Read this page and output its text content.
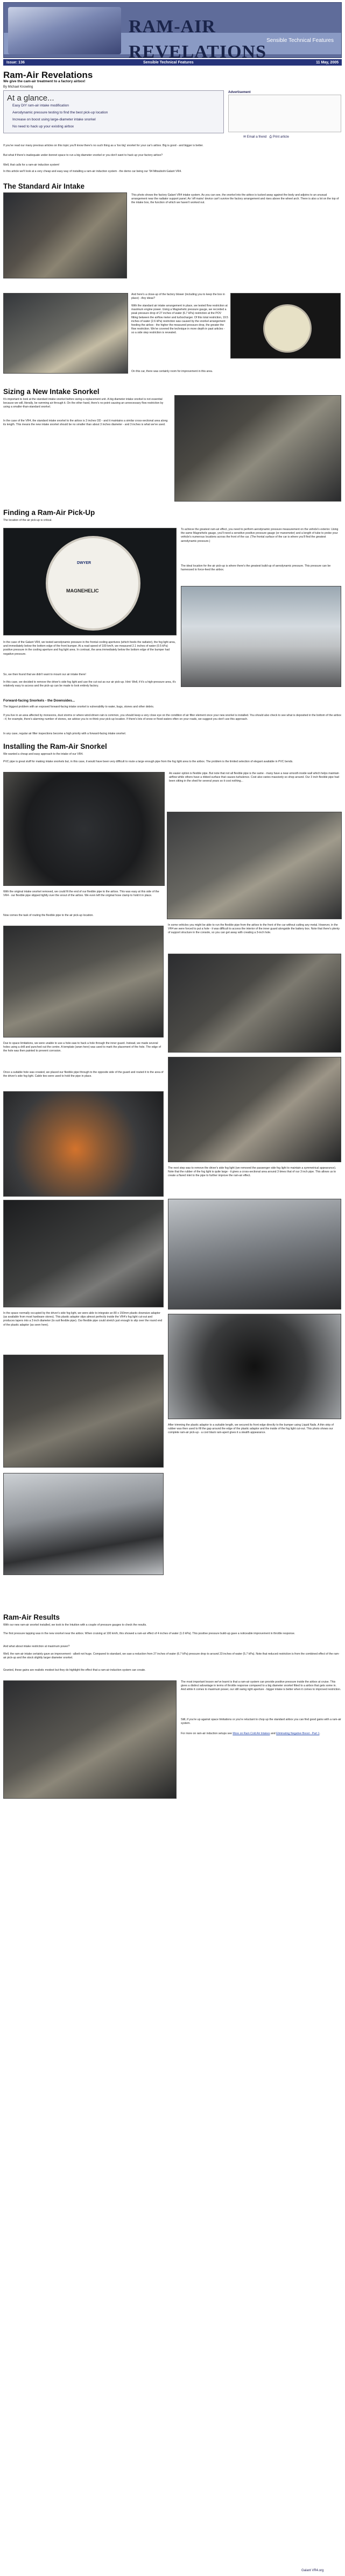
RAM-AIR REVELATIONS
Sensible Technical Features
Issue: 136	Sensible Technical Features	11 May, 2005
Ram-Air Revelations
We give the cam-air treatment to a factory airbox!
By Michael Knowling
At a glance...
Easy DIY ram-air intake modification
Aerodynamic pressure testing to find the best pick-up location
Increase on boost using large-diameter intake snorkel
No need to hack up your existing airbox
Advertisement
✉ Email a friend ⎙ Print article

If you've read our many previous articles on this topic you'll know there's no such thing as a 'too big' snorkel for your car's airbox. Big is good - and bigger is better.

But what if there's inadequate under-bonnet space to run a big diameter snorkel or you don't want to hack up your factory airbox?

Well, that calls for a ram-air induction system!

In this article we'll look at a very cheap and easy way of installing a ram-air induction system - the demo car being our '94 Mitsubishi Galant VR4.

The Standard Air Intake

This photo shows the factory Galant VR4 intake system. As you can see, the snorkel into the airbox is tucked away against the body and adjoins to an unusual arrangement near the radiator support panel. An 'off mains' device can't survive the factory arrangement and rises above the wheel arch. There is also a lot on the top of the intake box, the function of which we haven't worked out.

And here's a close-up of the factory blower (including you to keep the box in place) - Any ideas?

With the standard air intake arrangement in place, we tested flow restriction at maximum engine power. Using a Magnehelic pressure gauge, we recorded a peak pressure drop of 27 inches of water (6.7 kPa) restriction at the POV fitting between the airflow meter and turbocharger. Of this total restriction, 19.5 inches of water (2.6 kPa) restriction was caused by the snorkel arrangement feeding the airbox - the higher the measured pressure drop, the greater the flow restriction. We've covered the technique in more depth in past articles - so a side step restriction is revealed.

On this car, there was certainly room for improvement in this area.

Sizing a New Intake Snorkel

It's important to look at the standard intake snorkel before sizing a replacement unit. A big diameter intake snorkel is not essential because we will, literally, be ramming air through it. On the other hand, there's no point causing an unnecessary flow restriction by using a smaller-than-standard snorkel.

In the case of the VR4, the standard intake snorkel to the airbox is 3 inches OD - and it maintains a similar cross-sectional area along its length. This means the new intake snorkel should be no smaller than about 3 inches diameter - and 3 inches is what we've used.

Finding a Ram-Air Pick-Up

The location of the air pick-up is critical.

DWYER
MAGNEHELIC

To achieve the greatest ram-air effect, you need to perform aerodynamic pressure measurement on the vehicle's exterior. Using the same Magnehelic gauge, you'll need a sensitive positive pressure gauge (or manometer) and a length of tube to probe your vehicle's numerous locations across the front of the car. (The frontal surface of the car is where you'll find the greatest aerodynamic pressure.)

The ideal location for the air pick-up is where there's the greatest build-up of aerodynamic pressure. This pressure can be harnessed to force-feed the airbox.

In the case of the Galant VR4, we tested aerodynamic pressure in the frontal cooling apertures (which feeds the radiator), the fog light area, and immediately below the bottom edge of the front bumper. At a road speed of 100 km/h, we measured 2.1 inches of water (0.5 kPa) positive pressure in the cooling aperture and fog light area. In contrast, the area immediately below the bottom edge of the bumper had negative pressure.

So, we then found that we didn't want to mount our air intake there!

In this case, we decided to remove the driver's side fog light and use the cut-out as our air pick-up. Hint: Well, if it's a high-pressure area, it's relatively easy to access and the pick-up can be made to look entirely factory.

Forward-facing Snorkels - the Downsides...

The biggest problem with an exposed forward-facing intake snorkel is vulnerability to water, bugs, stones and other debris.

If you live in an area affected by monsoons, dust storms or where wind-driven rain is common, you should keep a very close eye on the condition of air filter element once your new snorkel is installed. You should also check to see what is deposited in the bottom of the airbox - if, for example, there's alarming number of stones, we advise you to re-think your pick-up location. If there's lots of snow or flood waters often on your roads, we suggest you don't use this approach.

In any case, regular air filter inspections become a high priority with a forward-facing intake snorkel.

Installing the Ram-Air Snorkel

We wanted a cheap and easy approach to the intake of our VR4.

PVC pipe is great stuff for making intake snorkels but, in this case, it would have been very difficult to route a large enough pipe from the fog light area to the airbox. The problem is the limited selection of elegant available in PVC bends.

An easier option is flexible pipe. But note that not all flexible pipe is the same - many have a near-smooth inside wall which helps maintain airflow while others have a ribbed surface that causes turbulence. Cost also varies massively so shop around. Our 3 inch flexible pipe had been sitting in the shed for several years so it cost nothing...

With the original intake snorkel removed, we could fit the end of our flexible pipe to the airbox. This was easy at this side of the VR4 - our flexible pipe slipped tightly over the snout of the airbox. We even left the original hose clamp to hold it in place.

Now comes the task of routing the flexible pipe to the air pick-up location.

In some vehicles you might be able to run the flexible pipe from the airbox to the front of the car without cutting any metal. However, in the VR4 we were forced to put a hole - it was difficult to access the interior of the inner guard alongside the battery box. Note that there's plenty of support structure in the console, so you can get away with creating a 3-inch hole.

Due to space limitations, we were unable to use a hole-saw to hack a hole through the inner guard. Instead, we made several holes using a drill and punched out the centre. A template (sewn here) was used to mark the placement of the hole. The edge of the hole was then painted to prevent corrosion.

Once a suitable hole was created, we placed our flexible pipe through to the opposite side of the guard and routed it to the area of the driver's side fog light. Cable ties were used to hold the pipe in place.

The next step was to remove the driver's side fog light (we removed the passenger side fog light to maintain a symmetrical appearance). Note that the rubber of the fog light is quite large - it gives a cross-sectional area around 3 times that of our 3 inch pipe. This allows us to create a flared inlet to the pipe to further improve the ram-air effect.

In the space normally occupied by the driver's side fog light, we were able to integrate an 80 x 150mm plastic downsize adaptor (as available from most hardware stores). This plastic adaptor slips almost perfectly inside the VR4's fog light cut-out and produces tapers into a 3 inch diameter (to suit flexible pipe). Our flexible pipe could stretch just enough to slip over the round end of the plastic adaptor (as seen here).

After trimming the plastic adaptor to a suitable length, we secured its front edge directly to the bumper using Liquid Nails. A thin strip of rubber was then used to fill the gap around the edge of the plastic adaptor and the inside of the fog light cut-out. This photo shows our complete ram-air pick-up - a cool black ram-apert gives it a stealth appearance.

Ram-Air Results

With our new ram-air snorkel installed, we took to the Intuition with a couple of pressure gauges to check the results.

The first pressure tapping was in the new snorkel near the airbox. When cruising at 100 km/h, this showed a ram-air effect of 4 inches of water (1.0 kPa). This positive pressure build-up gave a noticeable improvement in throttle response.

And what about intake restriction at maximum power?

Well, the ram-air intake certainly gave an improvement - albeit not huge. Compared to standard, we saw a reduction from 27 inches of water (6.7 kPa) pressure drop to around 23 inches of water (5.7 kPa). Note that reduced restriction is from the combined effect of the ram-air pick-up and the stock slightly larger diameter snorkel.

Granted, these gains are realistic modest but they do highlight the effect that a ram-air induction system can create.

The most important lesson we've learnt is that a ram-air system can provide positive pressure inside the airbox at cruise. This gives a distinct advantage in terms of throttle response compared to a big diameter snorkel fitted to a airbox that gets some in. And while it comes to maximum power, our still swing right aperture - bigger intake is better when it comes to improved restriction.

Still, if you're up against space limitations or you're reluctant to chop up the standard airbox you can find good gains with a ram-air system.

For more on ram-air induction setups see More on Ram Cold Air Intakes and Eliminating Negative Boost - Part 1.

Galant VR4.org
